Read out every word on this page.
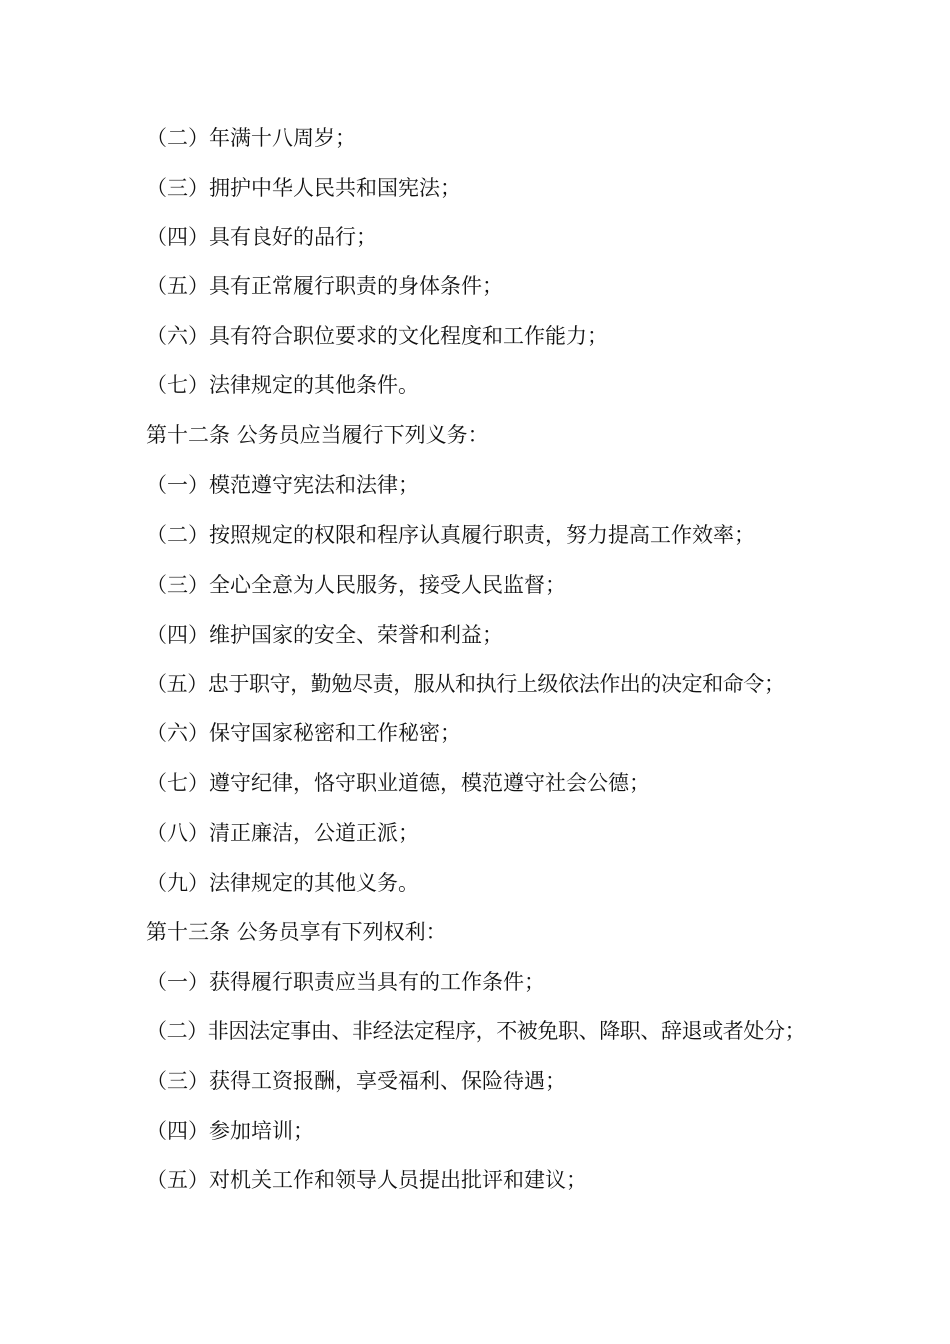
（二）年满十八周岁；
（三）拥护中华人民共和国宪法；
（四）具有良好的品行；
（五）具有正常履行职责的身体条件；
（六）具有符合职位要求的文化程度和工作能力；
（七）法律规定的其他条件。
第十二条 公务员应当履行下列义务：
（一）模范遵守宪法和法律；
（二）按照规定的权限和程序认真履行职责，努力提高工作效率；
（三）全心全意为人民服务，接受人民监督；
（四）维护国家的安全、荣誉和利益；
（五）忠于职守，勤勉尽责，服从和执行上级依法作出的决定和命令；
（六）保守国家秘密和工作秘密；
（七）遵守纪律，恪守职业道德，模范遵守社会公德；
（八）清正廉洁，公道正派；
（九）法律规定的其他义务。
第十三条 公务员享有下列权利：
（一）获得履行职责应当具有的工作条件；
（二）非因法定事由、非经法定程序，不被免职、降职、辞退或者处分；
（三）获得工资报酬，享受福利、保险待遇；
（四）参加培训；
（五）对机关工作和领导人员提出批评和建议；
